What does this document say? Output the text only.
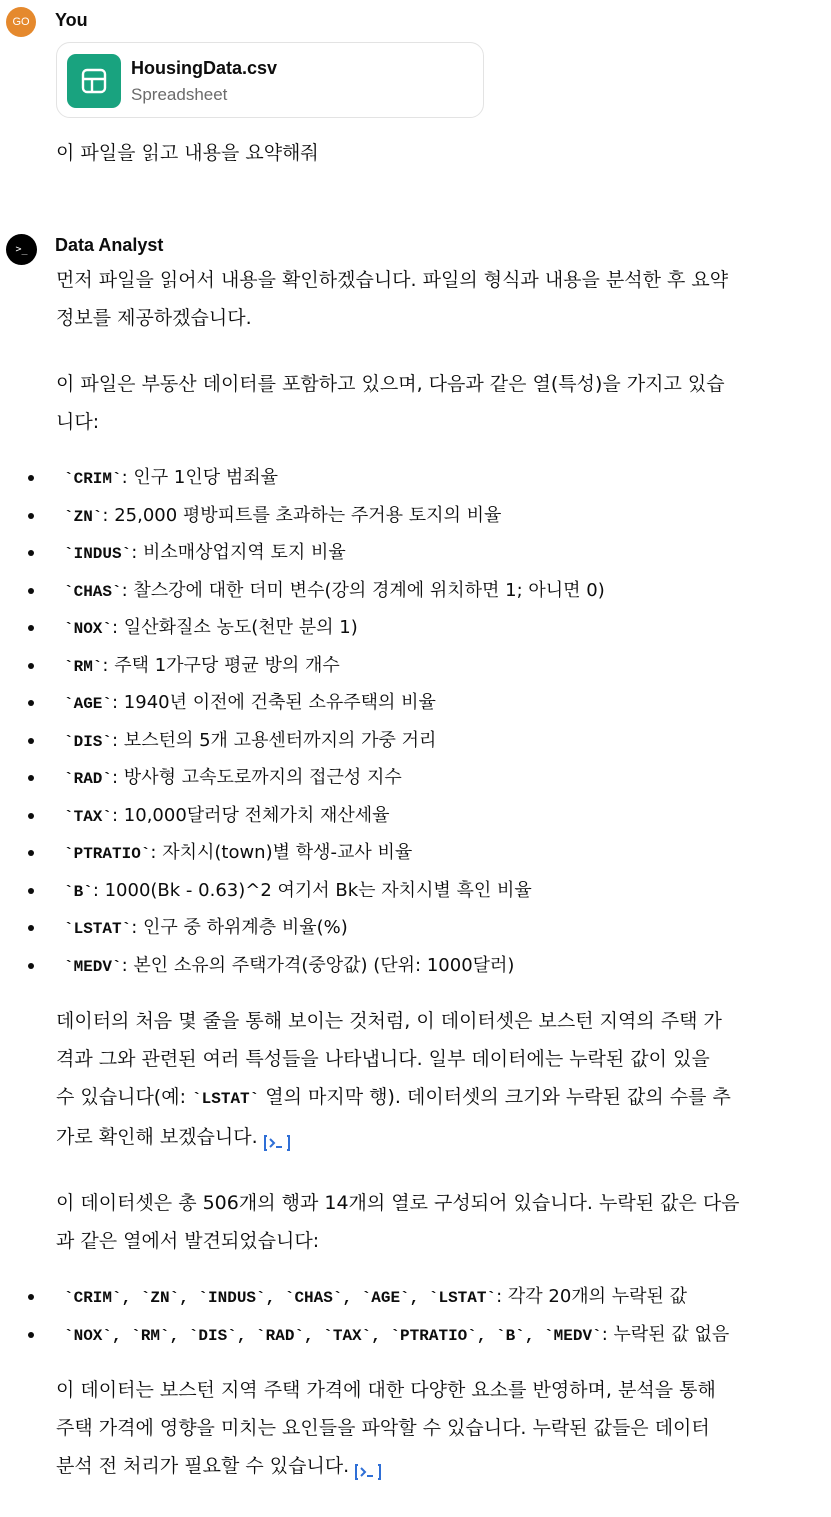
GO	You
HousingData.csv
Spreadsheet
이 파일을 읽고 내용을 요약해줘
>_	Data Analyst

먼저 파일을 읽어서 내용을 확인하겠습니다. 파일의 형식과 내용을 분석한 후 요약
정보를 제공하겠습니다.

이 파일은 부동산 데이터를 포함하고 있으며, 다음과 같은 열(특성)을 가지고 있습
니다:

`CRIM`: 인구 1인당 범죄율
`ZN`: 25,000 평방피트를 초과하는 주거용 토지의 비율
`INDUS`: 비소매상업지역 토지 비율
`CHAS`: 찰스강에 대한 더미 변수(강의 경계에 위치하면 1; 아니면 0)
`NOX`: 일산화질소 농도(천만 분의 1)
`RM`: 주택 1가구당 평균 방의 개수
`AGE`: 1940년 이전에 건축된 소유주택의 비율
`DIS`: 보스턴의 5개 고용센터까지의 가중 거리
`RAD`: 방사형 고속도로까지의 접근성 지수
`TAX`: 10,000달러당 전체가치 재산세율
`PTRATIO`: 자치시(town)별 학생-교사 비율
`B`: 1000(Bk - 0.63)^2 여기서 Bk는 자치시별 흑인 비율
`LSTAT`: 인구 중 하위계층 비율(%)
`MEDV`: 본인 소유의 주택가격(중앙값) (단위: 1000달러)

데이터의 처음 몇 줄을 통해 보이는 것처럼, 이 데이터셋은 보스턴 지역의 주택 가
격과 그와 관련된 여러 특성들을 나타냅니다. 일부 데이터에는 누락된 값이 있을
수 있습니다(예: `LSTAT` 열의 마지막 행). 데이터셋의 크기와 누락된 값의 수를 추
가로 확인해 보겠습니다.

이 데이터셋은 총 506개의 행과 14개의 열로 구성되어 있습니다. 누락된 값은 다음
과 같은 열에서 발견되었습니다:

`CRIM`, `ZN`, `INDUS`, `CHAS`, `AGE`, `LSTAT`: 각각 20개의 누락된 값
`NOX`, `RM`, `DIS`, `RAD`, `TAX`, `PTRATIO`, `B`, `MEDV`: 누락된 값 없음

이 데이터는 보스턴 지역 주택 가격에 대한 다양한 요소를 반영하며, 분석을 통해
주택 가격에 영향을 미치는 요인들을 파악할 수 있습니다. 누락된 값들은 데이터
분석 전 처리가 필요할 수 있습니다.
